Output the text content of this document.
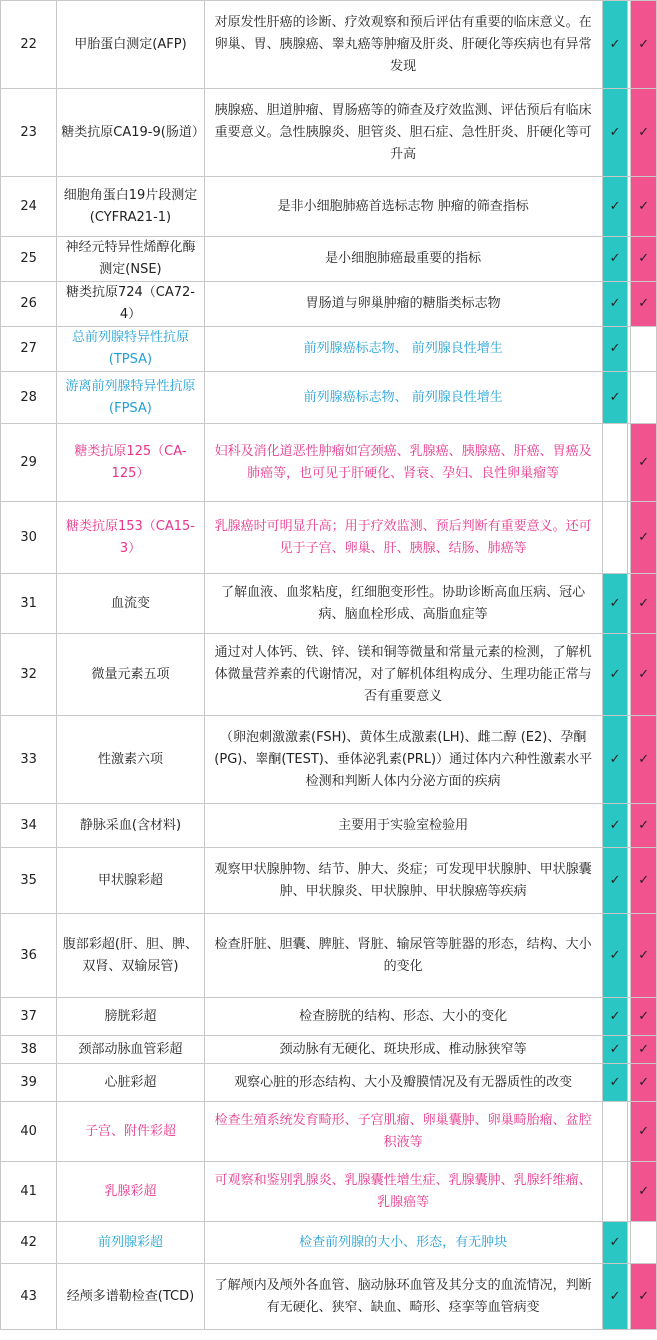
22	甲胎蛋白测定(AFP)	对原发性肝癌的诊断、疗效观察和预后评估有重要的临床意义。在卵巢、胃、胰腺癌、睾丸癌等肿瘤及肝炎、肝硬化等疾病也有异常发现	✓		✓
23	糖类抗原CA19-9(肠道）	胰腺癌、胆道肿瘤、胃肠癌等的筛查及疗效监测、评估预后有临床重要意义。急性胰腺炎、胆管炎、胆石症、急性肝炎、肝硬化等可升高	✓		✓
24	细胞角蛋白19片段测定(CYFRA21-1)	是非小细胞肺癌首选标志物 肿瘤的筛查指标	✓		✓
25	神经元特异性烯醇化酶测定(NSE)	是小细胞肺癌最重要的指标	✓		✓
26	糖类抗原724（CA72-4）	胃肠道与卵巢肿瘤的糖脂类标志物	✓		✓
27	总前列腺特异性抗原(TPSA)	前列腺癌标志物、 前列腺良性增生	✓		
28	游离前列腺特异性抗原(FPSA)	前列腺癌标志物、 前列腺良性增生	✓		
29	糖类抗原125（CA-125）	妇科及消化道恶性肿瘤如宫颈癌、乳腺癌、胰腺癌、肝癌、胃癌及肺癌等，也可见于肝硬化、肾衰、孕妇、良性卵巢瘤等			✓
30	糖类抗原153（CA15-3）	乳腺癌时可明显升高；用于疗效监测、预后判断有重要意义。还可见于子宫、卵巢、肝、胰腺、结肠、肺癌等			✓
31	血流变	了解血液、血浆粘度，红细胞变形性。协助诊断高血压病、冠心病、脑血栓形成、高脂血症等	✓		✓
32	微量元素五项	通过对人体钙、铁、锌、镁和铜等微量和常量元素的检测，了解机体微量营养素的代谢情况，对了解机体组构成分、生理功能正常与否有重要意义	✓		✓
33	性激素六项	（卵泡刺激激素(FSH)、黄体生成激素(LH)、雌二醇 (E2)、孕酮(PG)、睾酮(TEST)、垂体泌乳素(PRL)）通过体内六种性激素水平检测和判断人体内分泌方面的疾病	✓		✓
34	静脉采血(含材料)	主要用于实验室检验用	✓		✓
35	甲状腺彩超	观察甲状腺肿物、结节、肿大、炎症；可发现甲状腺肿、甲状腺囊肿、甲状腺炎、甲状腺肿、甲状腺癌等疾病	✓		✓
36	腹部彩超(肝、胆、脾、双肾、双输尿管)	检查肝脏、胆囊、脾脏、肾脏、输尿管等脏器的形态，结构、大小的变化	✓		✓
37	膀胱彩超	检查膀胱的结构、形态、大小的变化	✓		✓
38	颈部动脉血管彩超	颈动脉有无硬化、斑块形成、椎动脉狭窄等	✓		✓
39	心脏彩超	观察心脏的形态结构、大小及瓣膜情况及有无器质性的改变	✓		✓
40	子宫、附件彩超	检查生殖系统发育畸形、子宫肌瘤、卵巢囊肿、卵巢畸胎瘤、盆腔积液等			✓
41	乳腺彩超	可观察和鉴别乳腺炎、乳腺囊性增生症、乳腺囊肿、乳腺纤维瘤、乳腺癌等			✓
42	前列腺彩超	检查前列腺的大小、形态，有无肿块	✓		
43	经颅多谱勒检查(TCD)	了解颅内及颅外各血管、脑动脉环血管及其分支的血流情况，判断有无硬化、狭窄、缺血、畸形、痉挛等血管病变	✓		✓
